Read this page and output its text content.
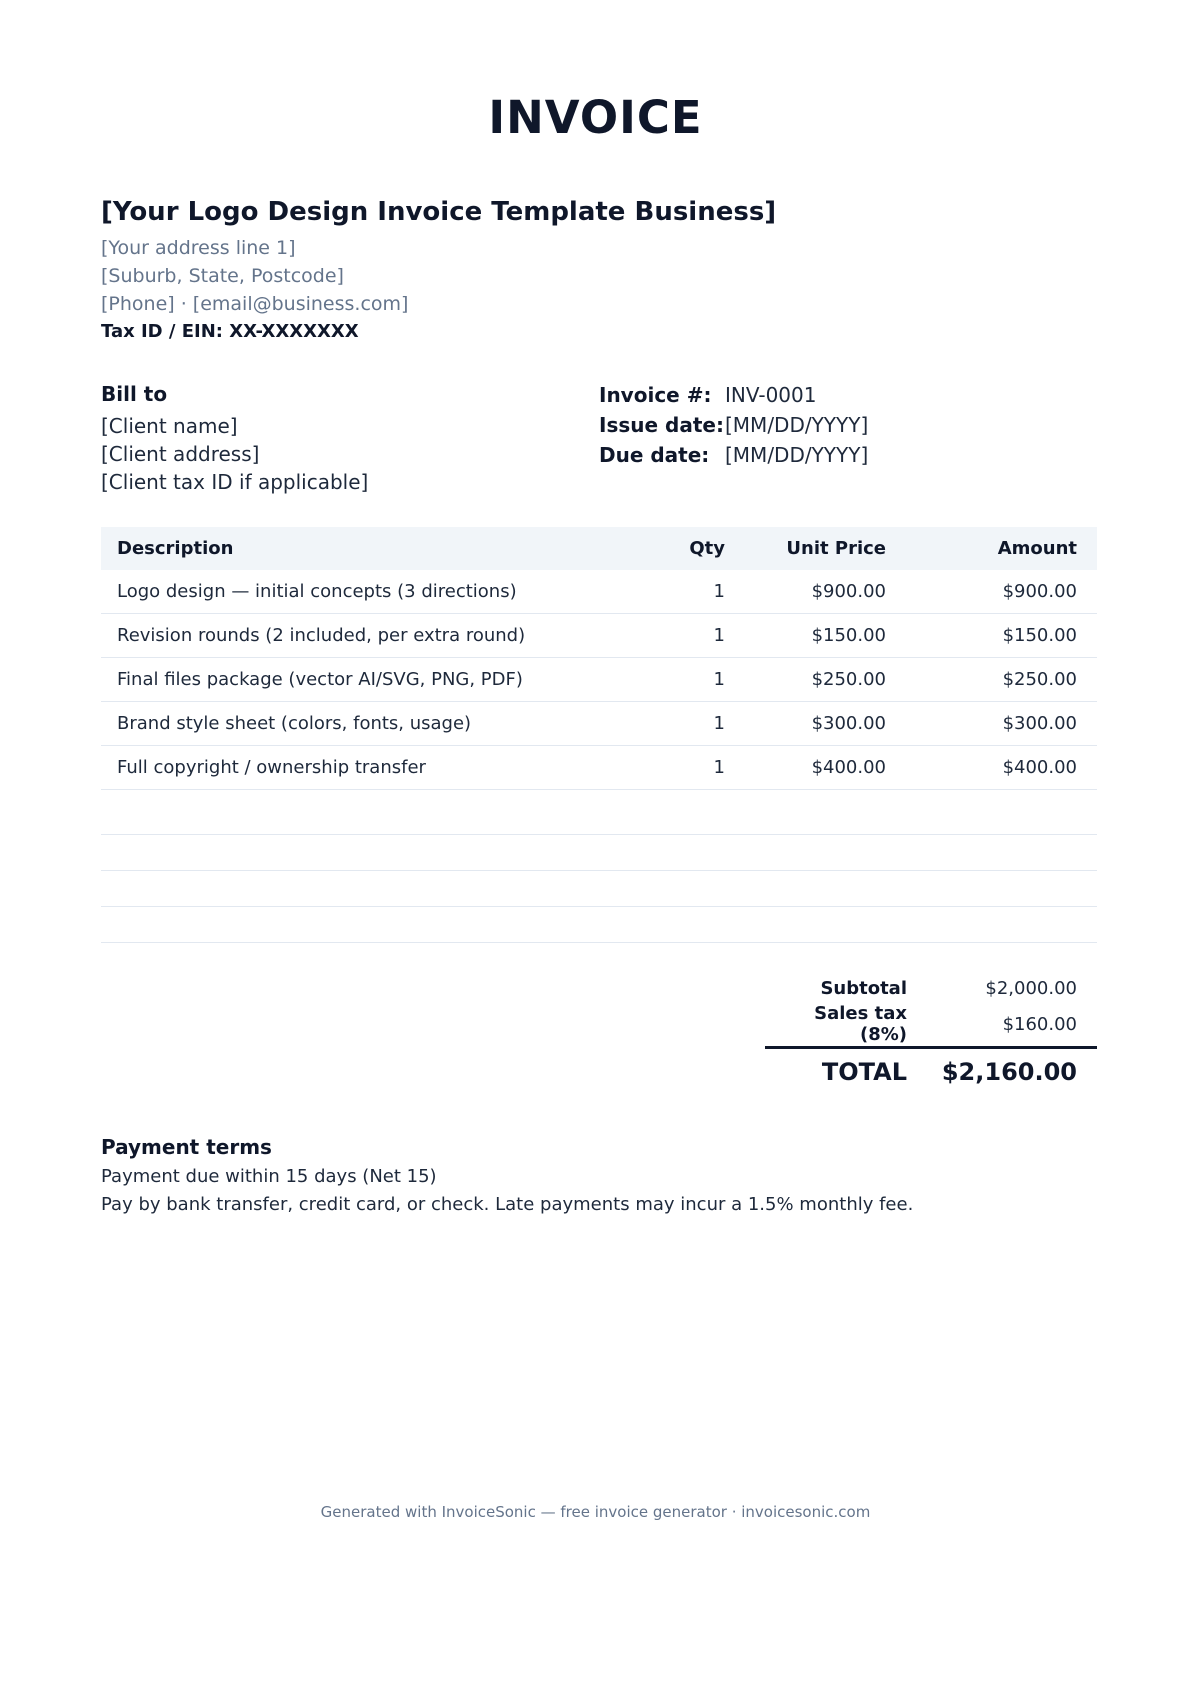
INVOICE
[Your Logo Design Invoice Template Business]
[Your address line 1]
[Suburb, State, Postcode]
[Phone] · [email@business.com]
Tax ID / EIN: XX-XXXXXXX
Bill to
[Client name]
[Client address]
[Client tax ID if applicable]
Invoice #: INV-0001
Issue date: [MM/DD/YYYY]
Due date: [MM/DD/YYYY]
Description	Qty	Unit Price	Amount
Logo design — initial concepts (3 directions)	1	$900.00	$900.00
Revision rounds (2 included, per extra round)	1	$150.00	$150.00
Final files package (vector AI/SVG, PNG, PDF)	1	$250.00	$250.00
Brand style sheet (colors, fonts, usage)	1	$300.00	$300.00
Full copyright / ownership transfer	1	$400.00	$400.00
Subtotal	$2,000.00
Sales tax (8%)	$160.00
TOTAL	$2,160.00
Payment terms
Payment due within 15 days (Net 15)
Pay by bank transfer, credit card, or check. Late payments may incur a 1.5% monthly fee.
Generated with InvoiceSonic — free invoice generator · invoicesonic.com
